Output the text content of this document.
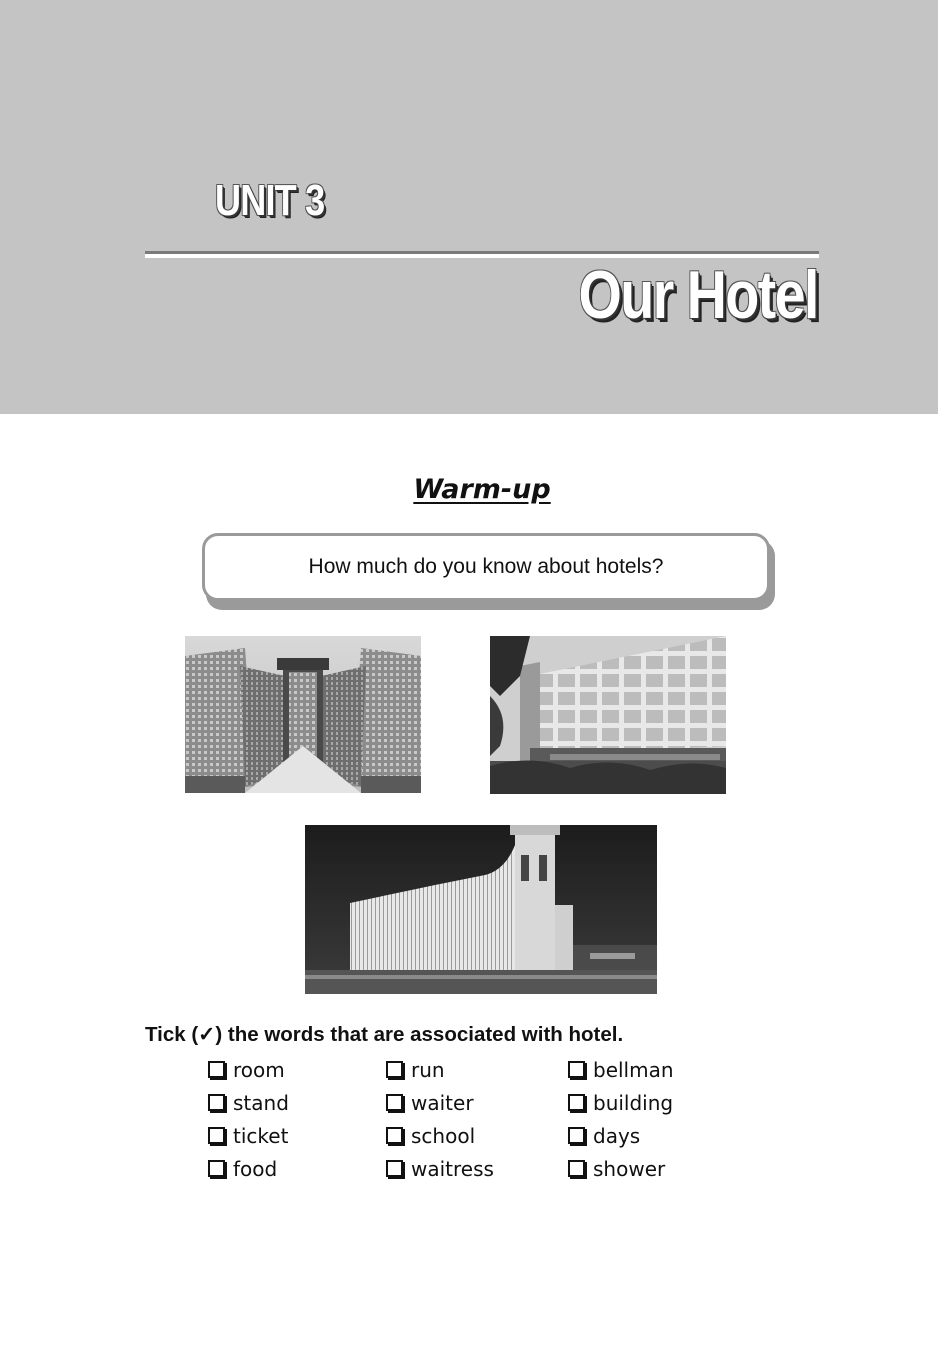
UNIT 3
Our Hotel
Warm-up
How much do you know about hotels?
Tick (✓) the words that are associated with hotel.
room	run	bellman
stand	waiter	building
ticket	school	days
food	waitress	shower
